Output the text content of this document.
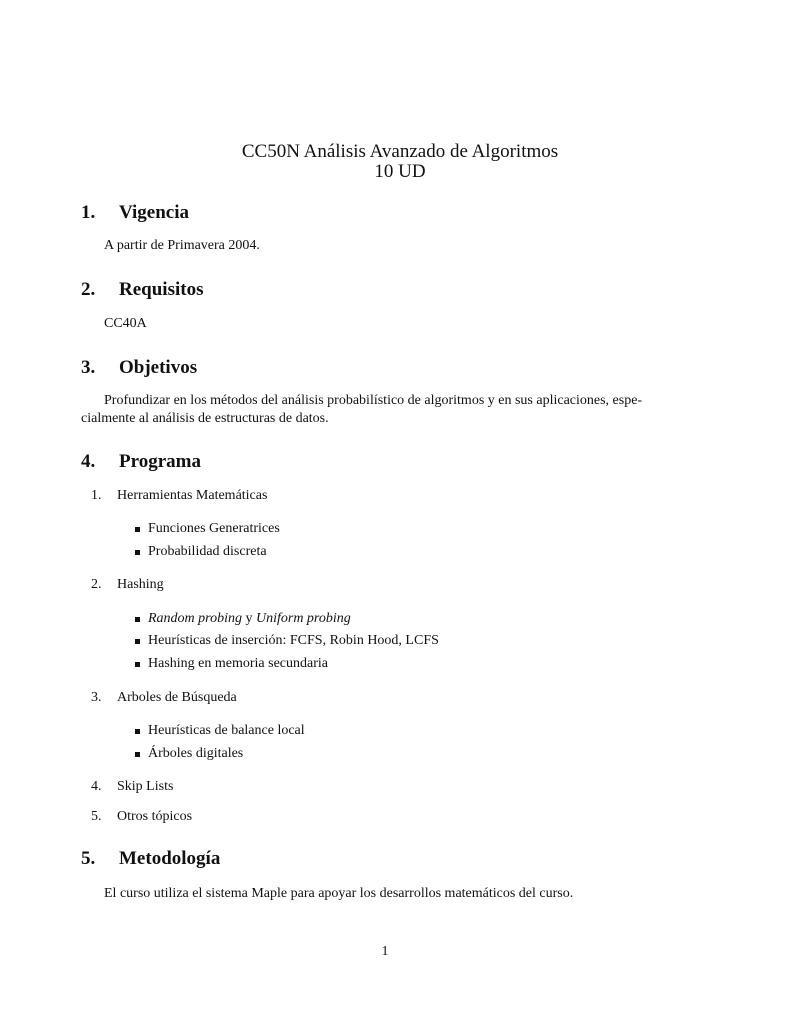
CC50N Análisis Avanzado de Algoritmos
10 UD
1. Vigencia
A partir de Primavera 2004.
2. Requisitos
CC40A
3. Objetivos
Profundizar en los métodos del análisis probabilístico de algoritmos y en sus aplicaciones, espe-
cialmente al análisis de estructuras de datos.
4. Programa
1. Herramientas Matemáticas
Funciones Generatrices
Probabilidad discreta
2. Hashing
Random probing y Uniform probing
Heurísticas de inserción: FCFS, Robin Hood, LCFS
Hashing en memoria secundaria
3. Arboles de Búsqueda
Heurísticas de balance local
Árboles digitales
4. Skip Lists
5. Otros tópicos
5. Metodología
El curso utiliza el sistema Maple para apoyar los desarrollos matemáticos del curso.
1
